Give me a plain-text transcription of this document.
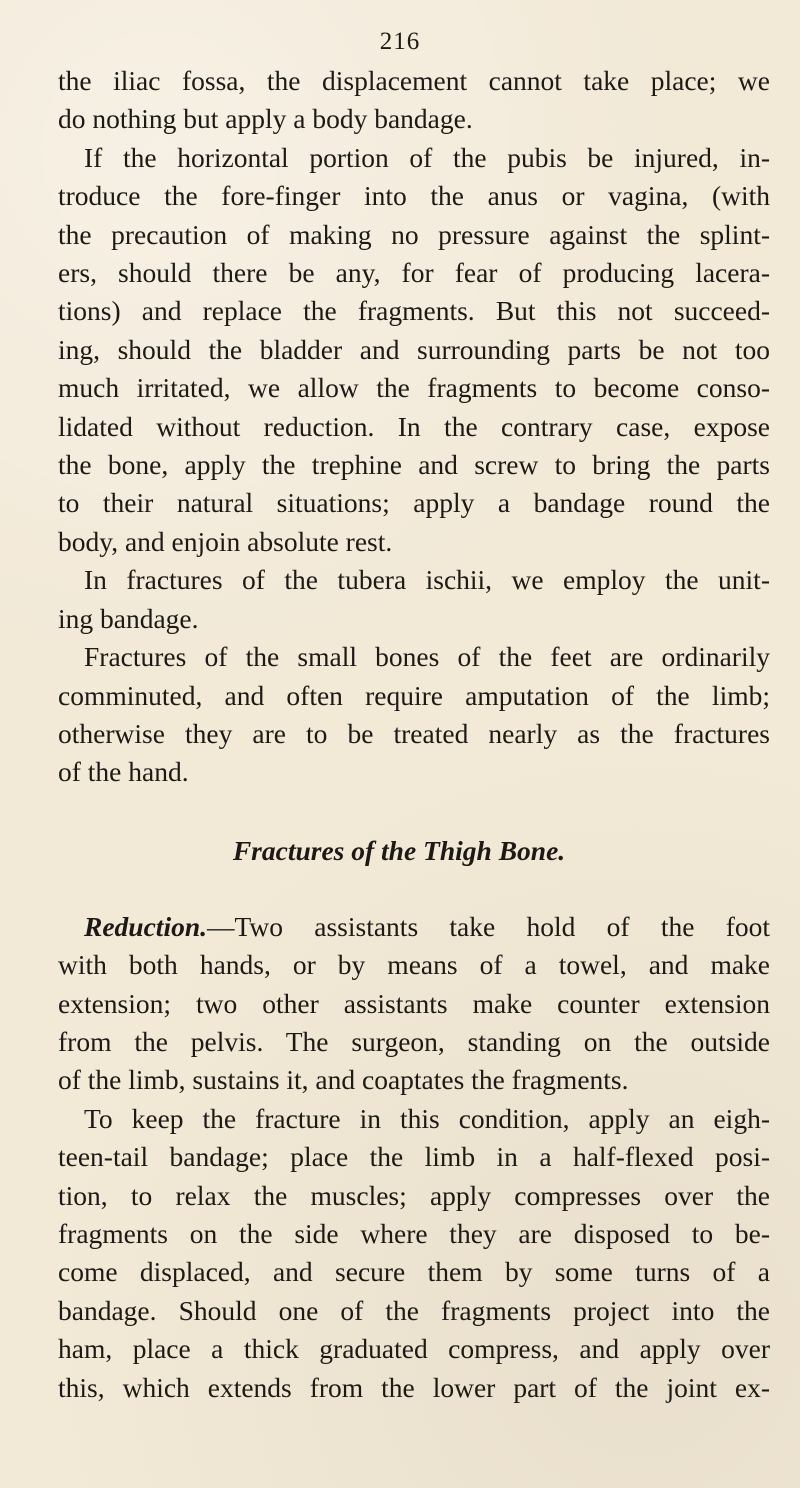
216
the iliac fossa, the displacement cannot take place; we
do nothing but apply a body bandage.
If the horizontal portion of the pubis be injured, in-
troduce the fore-finger into the anus or vagina, (with
the precaution of making no pressure against the splint-
ers, should there be any, for fear of producing lacera-
tions) and replace the fragments. But this not succeed-
ing, should the bladder and surrounding parts be not too
much irritated, we allow the fragments to become conso-
lidated without reduction. In the contrary case, expose
the bone, apply the trephine and screw to bring the parts
to their natural situations; apply a bandage round the
body, and enjoin absolute rest.
In fractures of the tubera ischii, we employ the unit-
ing bandage.
Fractures of the small bones of the feet are ordinarily
comminuted, and often require amputation of the limb;
otherwise they are to be treated nearly as the fractures
of the hand.
Fractures of the Thigh Bone.
Reduction.—Two assistants take hold of the foot
with both hands, or by means of a towel, and make
extension; two other assistants make counter extension
from the pelvis. The surgeon, standing on the outside
of the limb, sustains it, and coaptates the fragments.
To keep the fracture in this condition, apply an eigh-
teen-tail bandage; place the limb in a half-flexed posi-
tion, to relax the muscles; apply compresses over the
fragments on the side where they are disposed to be-
come displaced, and secure them by some turns of a
bandage. Should one of the fragments project into the
ham, place a thick graduated compress, and apply over
this, which extends from the lower part of the joint ex-
